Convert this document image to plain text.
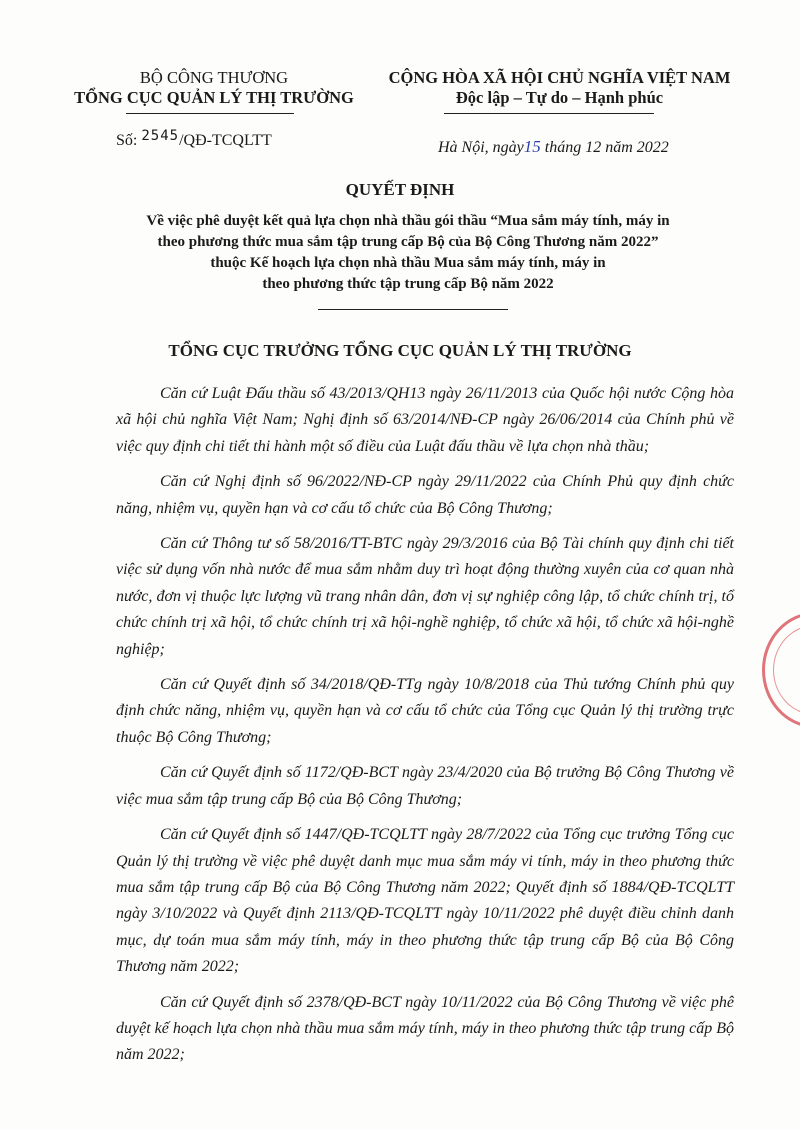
BỘ CÔNG THƯƠNG
TỔNG CỤC QUẢN LÝ THỊ TRƯỜNG
CỘNG HÒA XÃ HỘI CHỦ NGHĨA VIỆT NAM
Độc lập – Tự do – Hạnh phúc
Số: 2545/QĐ-TCQLTT	Hà Nội, ngày15 tháng 12 năm 2022
QUYẾT ĐỊNH
Về việc phê duyệt kết quả lựa chọn nhà thầu gói thầu “Mua sắm máy tính, máy in
theo phương thức mua sắm tập trung cấp Bộ của Bộ Công Thương năm 2022”
thuộc Kế hoạch lựa chọn nhà thầu Mua sắm máy tính, máy in
theo phương thức tập trung cấp Bộ năm 2022
TỔNG CỤC TRƯỞNG TỔNG CỤC QUẢN LÝ THỊ TRƯỜNG

Căn cứ Luật Đấu thầu số 43/2013/QH13 ngày 26/11/2013 của Quốc hội nước Cộng hòa xã hội chủ nghĩa Việt Nam; Nghị định số 63/2014/NĐ-CP ngày 26/06/2014 của Chính phủ về việc quy định chi tiết thi hành một số điều của Luật đấu thầu về lựa chọn nhà thầu;

Căn cứ Nghị định số 96/2022/NĐ-CP ngày 29/11/2022 của Chính Phủ quy định chức năng, nhiệm vụ, quyền hạn và cơ cấu tổ chức của Bộ Công Thương;

Căn cứ Thông tư số 58/2016/TT-BTC ngày 29/3/2016 của Bộ Tài chính quy định chi tiết việc sử dụng vốn nhà nước để mua sắm nhằm duy trì hoạt động thường xuyên của cơ quan nhà nước, đơn vị thuộc lực lượng vũ trang nhân dân, đơn vị sự nghiệp công lập, tổ chức chính trị, tổ chức chính trị xã hội, tổ chức chính trị xã hội-nghề nghiệp, tổ chức xã hội, tổ chức xã hội-nghề nghiệp;

Căn cứ Quyết định số 34/2018/QĐ-TTg ngày 10/8/2018 của Thủ tướng Chính phủ quy định chức năng, nhiệm vụ, quyền hạn và cơ cấu tổ chức của Tổng cục Quản lý thị trường trực thuộc Bộ Công Thương;

Căn cứ Quyết định số 1172/QĐ-BCT ngày 23/4/2020 của Bộ trưởng Bộ Công Thương về việc mua sắm tập trung cấp Bộ của Bộ Công Thương;

Căn cứ Quyết định số 1447/QĐ-TCQLTT ngày 28/7/2022 của Tổng cục trưởng Tổng cục Quản lý thị trường về việc phê duyệt danh mục mua sắm máy vi tính, máy in theo phương thức mua sắm tập trung cấp Bộ của Bộ Công Thương năm 2022; Quyết định số 1884/QĐ-TCQLTT ngày 3/10/2022 và Quyết định 2113/QĐ-TCQLTT ngày 10/11/2022 phê duyệt điều chỉnh danh mục, dự toán mua sắm máy tính, máy in theo phương thức tập trung cấp Bộ của Bộ Công Thương năm 2022;

Căn cứ Quyết định số 2378/QĐ-BCT ngày 10/11/2022 của Bộ Công Thương về việc phê duyệt kế hoạch lựa chọn nhà thầu mua sắm máy tính, máy in theo phương thức tập trung cấp Bộ năm 2022;
